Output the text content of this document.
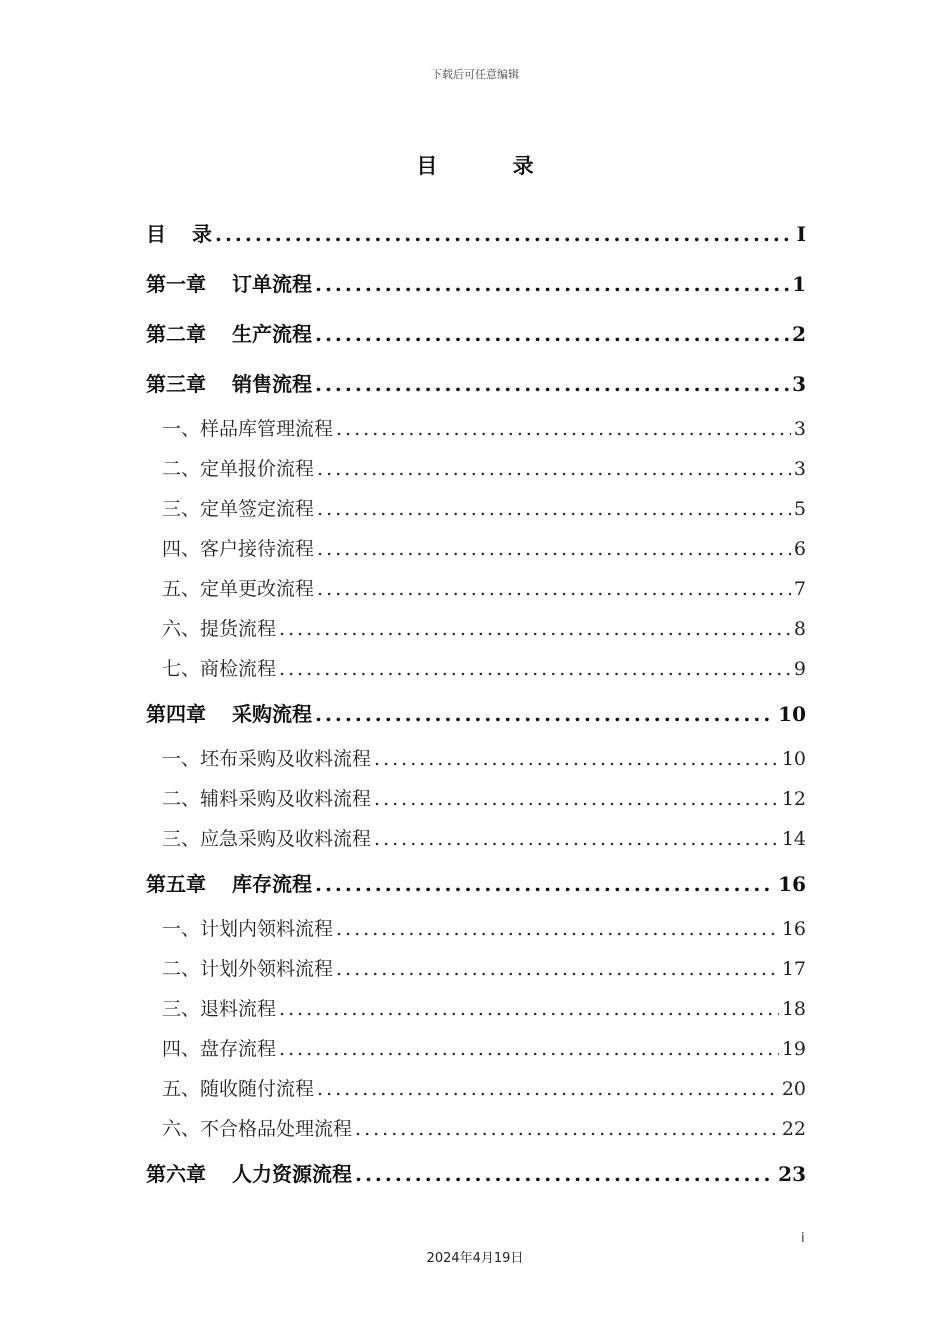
下载后可任意编辑
目 录
目 录 .....	I
第一章 订单流程 .....	1
第二章 生产流程 .....	2
第三章 销售流程 .....	3
一、 样品库管理流程 .....	3
二、 定单报价流程 .....	3
三、 定单签定流程 .....	5
四、 客户接待流程 .....	6
五、 定单更改流程 .....	7
六、 提货流程 .....	8
七、 商检流程 .....	9
第四章 采购流程 .....	10
一、 坯布采购及收料流程 .....	10
二、 辅料采购及收料流程 .....	12
三、 应急采购及收料流程 .....	14
第五章 库存流程 .....	16
一、 计划内领料流程 .....	16
二、 计划外领料流程 .....	17
三、 退料流程 .....	18
四、 盘存流程 .....	19
五、 随收随付流程 .....	20
六、 不合格品处理流程 .....	22
第六章 人力资源流程 .....	23
i
2024年4月19日
